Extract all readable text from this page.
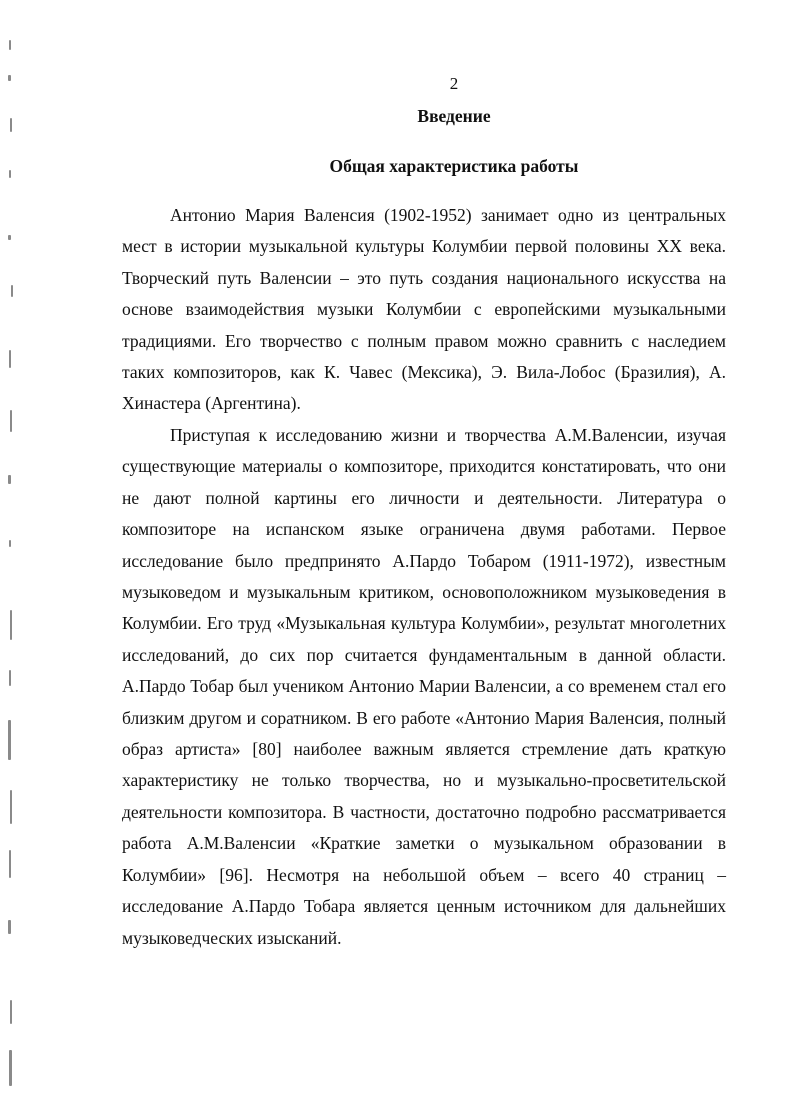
2
Введение
Общая характеристика работы

Антонио Мария Валенсия (1902-1952) занимает одно из центральных мест в истории музыкальной культуры Колумбии первой половины XX века. Творческий путь Валенсии – это путь создания национального искусства на основе взаимодействия музыки Колумбии с европейскими музыкальными традициями. Его творчество с полным правом можно сравнить с наследием таких композиторов, как К. Чавес (Мексика), Э. Вила-Лобос (Бразилия), А. Хинастера (Аргентина).

Приступая к исследованию жизни и творчества А.М.Валенсии, изучая существующие материалы о композиторе, приходится констатировать, что они не дают полной картины его личности и деятельности. Литература о композиторе на испанском языке ограничена двумя работами. Первое исследование было предпринято А.Пардо Тобаром (1911-1972), известным музыковедом и музыкальным критиком, основоположником музыковедения в Колумбии. Его труд «Музыкальная культура Колумбии», результат многолетних исследований, до сих пор считается фундаментальным в данной области. А.Пардо Тобар был учеником Антонио Марии Валенсии, а со временем стал его близким другом и соратником. В его работе «Антонио Мария Валенсия, полный образ артиста» [80] наиболее важным является стремление дать краткую характеристику не только творчества, но и музыкально-просветительской деятельности композитора. В частности, достаточно подробно рассматривается работа А.М.Валенсии «Краткие заметки о музыкальном образовании в Колумбии» [96]. Несмотря на небольшой объем – всего 40 страниц – исследование А.Пардо Тобара является ценным источником для дальнейших музыковедческих изысканий.
